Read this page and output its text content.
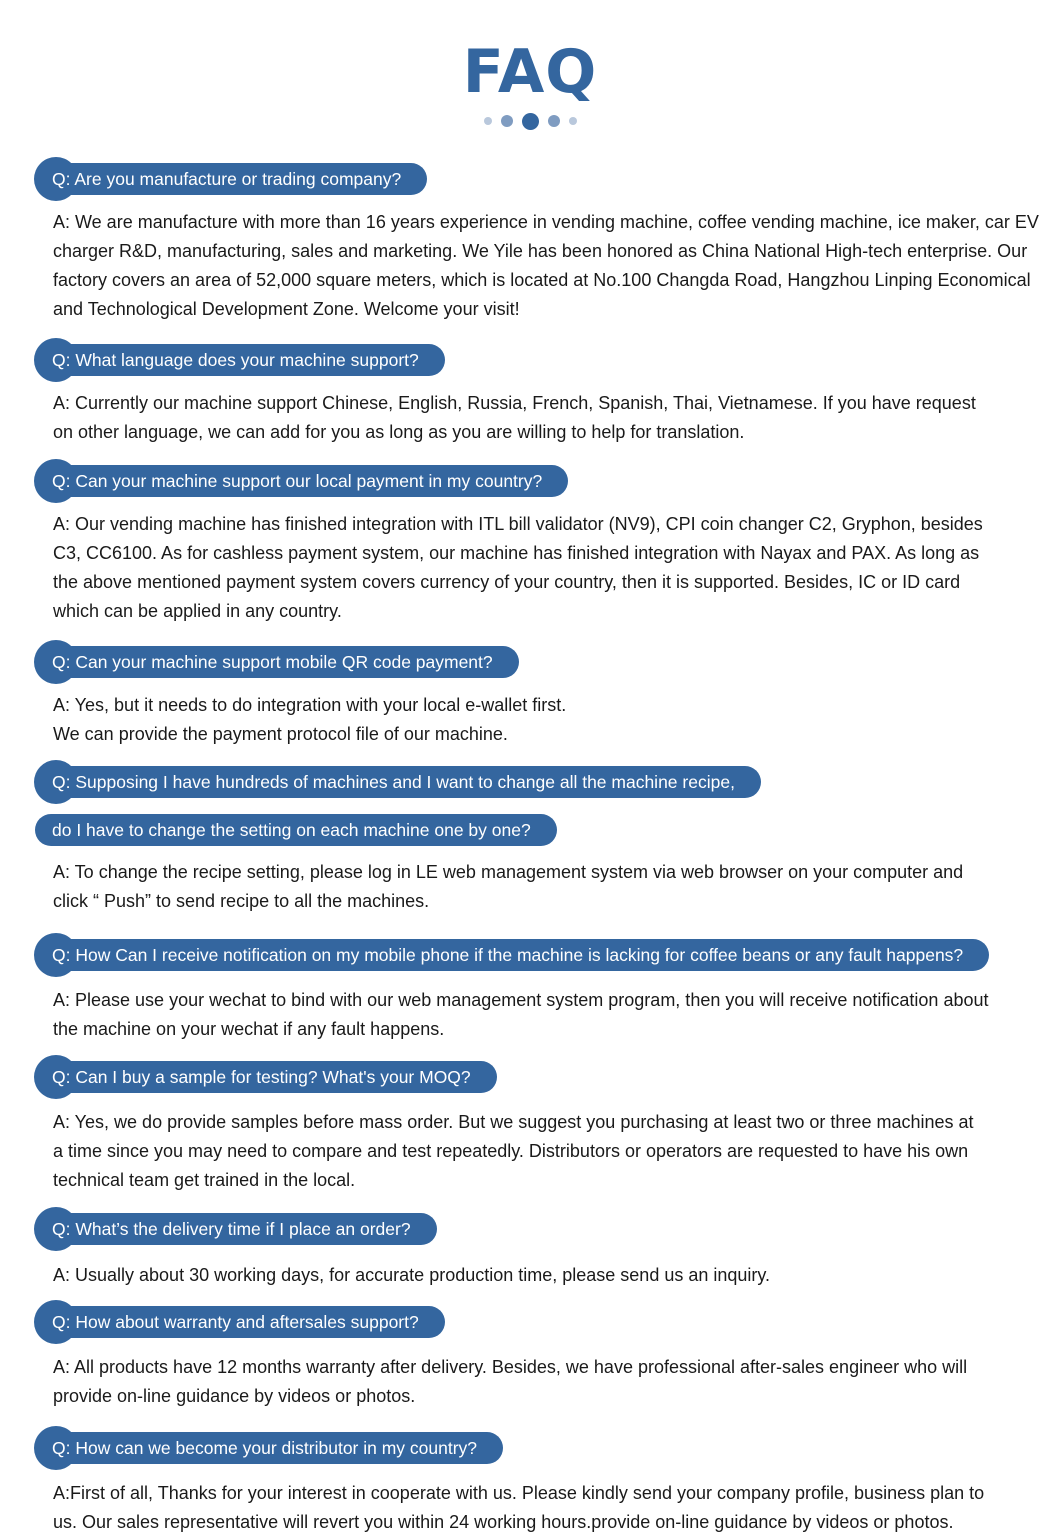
FAQ
Q: Are you manufacture or trading company?
A: We are manufacture with more than 16 years experience in vending machine, coffee vending machine, ice maker, car EV
charger R&D, manufacturing, sales and marketing. We Yile has been honored as China National High-tech enterprise. Our
factory covers an area of 52,000 square meters, which is located at No.100 Changda Road, Hangzhou Linping Economical
and Technological Development Zone. Welcome your visit!
Q: What language does your machine support?
A: Currently our machine support Chinese, English, Russia, French, Spanish, Thai, Vietnamese. If you have request
on other language, we can add for you as long as you are willing to help for translation.
Q: Can your machine support our local payment in my country?
A: Our vending machine has finished integration with ITL bill validator (NV9), CPI coin changer C2, Gryphon, besides
C3, CC6100. As for cashless payment system, our machine has finished integration with Nayax and PAX. As long as
the above mentioned payment system covers currency of your country, then it is supported. Besides, IC or ID card
which can be applied in any country.
Q: Can your machine support mobile QR code payment?
A: Yes, but it needs to do integration with your local e-wallet first.
We can provide the payment protocol file of our machine.
Q: Supposing I have hundreds of machines and I want to change all the machine recipe,
do I have to change the setting on each machine one by one?
A: To change the recipe setting, please log in LE web management system via web browser on your computer and
click “ Push” to send recipe to all the machines.
Q: How Can I receive notification on my mobile phone if the machine is lacking for coffee beans or any fault happens?
A: Please use your wechat to bind with our web management system program, then you will receive notification about
the machine on your wechat if any fault happens.
Q: Can I buy a sample for testing? What's your MOQ?
A: Yes, we do provide samples before mass order. But we suggest you purchasing at least two or three machines at
a time since you may need to compare and test repeatedly. Distributors or operators are requested to have his own
technical team get trained in the local.
Q: What’s the delivery time if I place an order?
A: Usually about 30 working days, for accurate production time, please send us an inquiry.
Q: How about warranty and aftersales support?
A: All products have 12 months warranty after delivery. Besides, we have professional after-sales engineer who will
provide on-line guidance by videos or photos.
Q: How can we become your distributor in my country?
A:First of all, Thanks for your interest in cooperate with us. Please kindly send your company profile, business plan to
us. Our sales representative will revert you within 24 working hours.provide on-line guidance by videos or photos.
